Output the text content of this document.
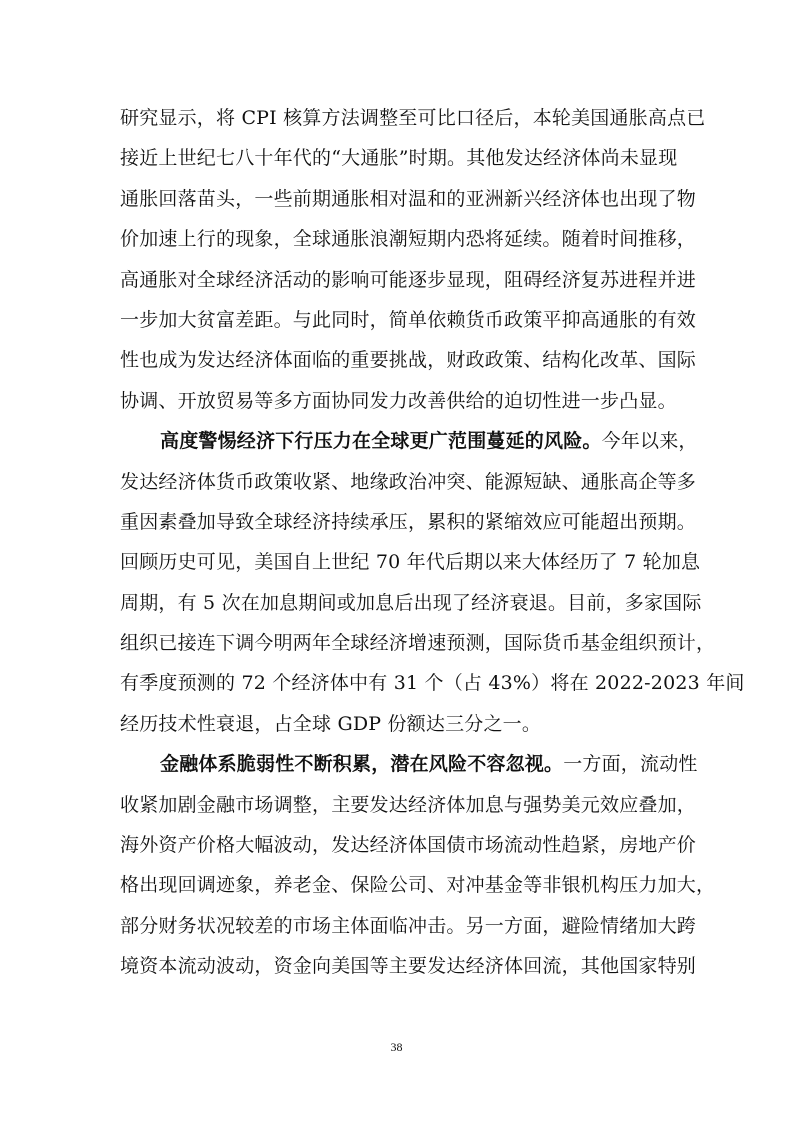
研究显示，将 CPI 核算方法调整至可比口径后，本轮美国通胀高点已
接近上世纪七八十年代的“大通胀”时期。其他发达经济体尚未显现
通胀回落苗头，一些前期通胀相对温和的亚洲新兴经济体也出现了物
价加速上行的现象，全球通胀浪潮短期内恐将延续。随着时间推移，
高通胀对全球经济活动的影响可能逐步显现，阻碍经济复苏进程并进
一步加大贫富差距。与此同时，简单依赖货币政策平抑高通胀的有效
性也成为发达经济体面临的重要挑战，财政政策、结构化改革、国际
协调、开放贸易等多方面协同发力改善供给的迫切性进一步凸显。
高度警惕经济下行压力在全球更广范围蔓延的风险。今年以来，
发达经济体货币政策收紧、地缘政治冲突、能源短缺、通胀高企等多
重因素叠加导致全球经济持续承压，累积的紧缩效应可能超出预期。
回顾历史可见，美国自上世纪 70 年代后期以来大体经历了 7 轮加息
周期，有 5 次在加息期间或加息后出现了经济衰退。目前，多家国际
组织已接连下调今明两年全球经济增速预测，国际货币基金组织预计，
有季度预测的 72 个经济体中有 31 个（占 43%）将在 2022-2023 年间
经历技术性衰退，占全球 GDP 份额达三分之一。
金融体系脆弱性不断积累，潜在风险不容忽视。一方面，流动性
收紧加剧金融市场调整，主要发达经济体加息与强势美元效应叠加，
海外资产价格大幅波动，发达经济体国债市场流动性趋紧，房地产价
格出现回调迹象，养老金、保险公司、对冲基金等非银机构压力加大，
部分财务状况较差的市场主体面临冲击。另一方面，避险情绪加大跨
境资本流动波动，资金向美国等主要发达经济体回流，其他国家特别
38
